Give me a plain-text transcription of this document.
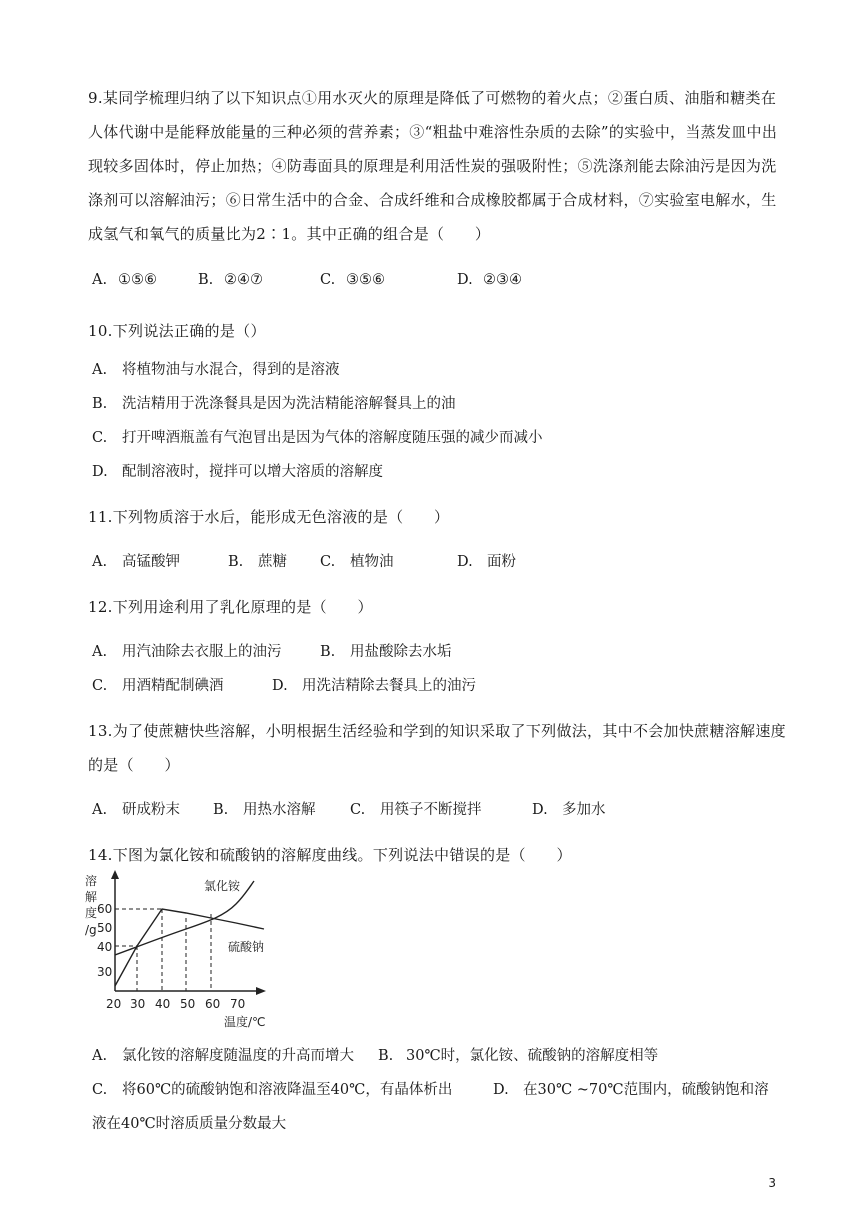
9.某同学梳理归纳了以下知识点①用水灭火的原理是降低了可燃物的着火点；②蛋白质、油脂和糖类在人体代谢中是能释放能量的三种必须的营养素；③“粗盐中难溶性杂质的去除”的实验中，当蒸发皿中出现较多固体时，停止加热；④防毒面具的原理是利用活性炭的强吸附性；⑤洗涤剂能去除油污是因为洗涤剂可以溶解油污；⑥日常生活中的合金、合成纤维和合成橡胶都属于合成材料，⑦实验室电解水，生成氢气和氧气的质量比为2∶1。其中正确的组合是（　　）
A. ①⑤⑥	B. ②④⑦	C. ③⑤⑥	D. ②③④
10.下列说法正确的是（）
A. 将植物油与水混合，得到的是溶液
B. 洗洁精用于洗涤餐具是因为洗洁精能溶解餐具上的油
C. 打开啤酒瓶盖有气泡冒出是因为气体的溶解度随压强的减少而减小
D. 配制溶液时，搅拌可以增大溶质的溶解度
11.下列物质溶于水后，能形成无色溶液的是（　　）
A. 高锰酸钾	B. 蔗糖 C. 植物油	D. 面粉
12.下列用途利用了乳化原理的是（　　）
A. 用汽油除去衣服上的油污	B. 用盐酸除去水垢
C. 用酒精配制碘酒	D. 用洗洁精除去餐具上的油污
13.为了使蔗糖快些溶解，小明根据生活经验和学到的知识采取了下列做法，其中不会加快蔗糖溶解速度的是（　　）
A. 研成粉末 B. 用热水溶解 C. 用筷子不断搅拌	D. 多加水
14.下图为氯化铵和硫酸钠的溶解度曲线。下列说法中错误的是（　　）
溶
解
度
/g
60
50
40
30
20 30 40 50 60 70
氯化铵
硫酸钠
温度/℃
A. 氯化铵的溶解度随温度的升高而增大 B. 30℃时，氯化铵、硫酸钠的溶解度相等
C. 将60℃的硫酸钠饱和溶液降温至40℃，有晶体析出	D. 在30℃ ~70℃范围内，硫酸钠饱和溶
液在40℃时溶质质量分数最大
3
